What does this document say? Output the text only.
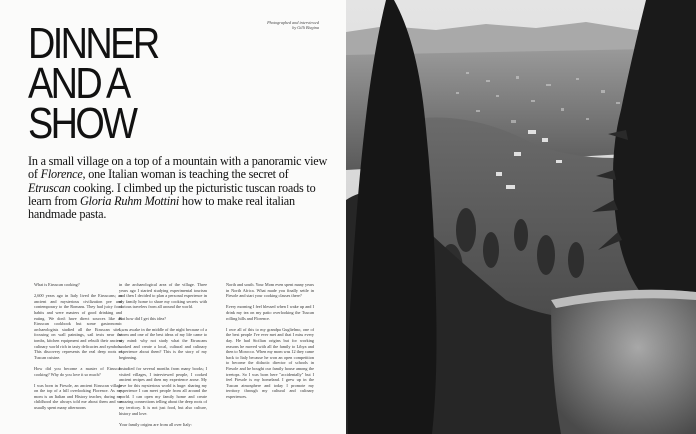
Photographed and interviewed
by Gilli Biegina
DINNER
AND A
SHOW

In a small village on a top of a mountain with a panoramic view of Florence, one Italian woman is teaching the secret of Etruscan cooking. I climbed up the picturistic tuscan roads to learn from Gloria Ruhm Mottini how to make real italian handmade pasta.

What is Etruscan cooking?

2,600 years ago in Italy lived the Etruscans; an ancient and mysterious civilization pre and contemporary to the Romans. They had juicy food habits and were masters of good drinking and eating. We don't have direct sources like an Etruscan cookbook but some gastronomic archaeologists studied all the Etruscan sites, focusing on wall paintings, sail texts near the tombs, kitchen equipment and rebuilt their ancient culinary world rich in tasty delicacies and symbols. This discovery represents the real deep roots of Tuscan cuisine.

How did you become a master of Etruscan cooking? Why do you love it so much?

I was born in Fiesole, an ancient Etruscan village on the top of a hill overlooking Florence. As my mom is an Italian and History teacher, during my childhood she always told me about them and we usually spent many afternoons

in the archaeological area of the village. Three years ago I started studying experimental tourism and then I decided to plan a personal experience in my family home to share my cooking secrets with curious travelers from all around the world.

But how did I get this idea?

I was awake in the middle of the night because of a storm and one of the best ideas of my life came to my mind: why not study what the Etruscans cooked and create a local, cultural and culinary experience about them? This is the story of my beginning.

I studied for several months from many books; I visited villages, I interviewed people, I cooked ancient recipes and then my experience arose. My love for this mysterious world is huge: sharing my experience I can meet people from all around the world. I can open my family home and create amazing connections telling about the deep roots of my territory. It is not just food, but also culture, history and love.

Your family origins are from all over Italy:

North and south. Your Mom even spent many years in North Africa. What made you finally settle in Fiesole and start your cooking classes there?

Every morning I feel blessed when I wake up and I drink my tea on my patio overlooking the Tuscan rolling hills and Florence.

I owe all of this to my grandpa Guglielmo, one of the best people I've ever met and that I miss every day. He had Sicilian origins but for working reasons he moved with all the family to Libya and then to Morocco. When my mom was 12 they came back to Italy because he won an open competition to become the didactic director of schools in Fiesole and he bought our family house among the treetops. So I was born here "accidentally" but I feel Fiesole is my homeland. I grew up in the Tuscan atmosphere and today I promote my territory through my cultural and culinary experiences.
